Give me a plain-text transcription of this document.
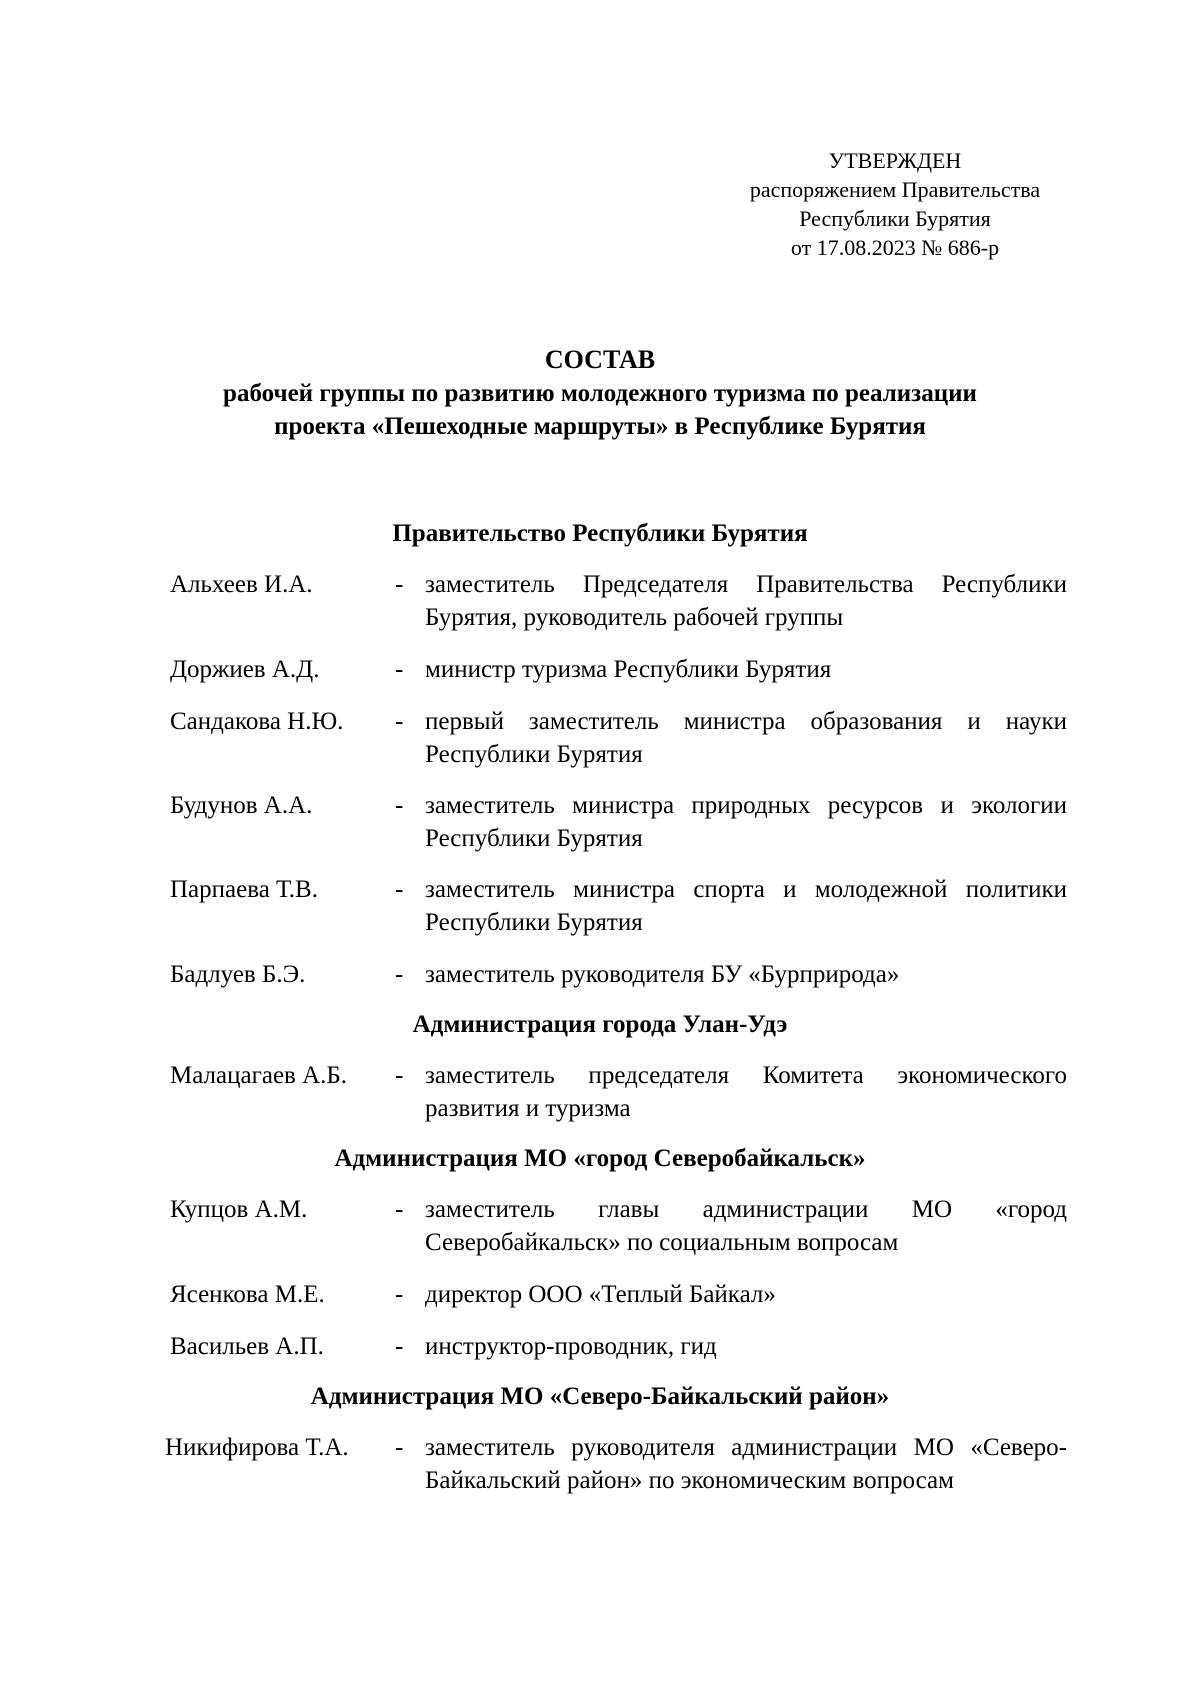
УТВЕРЖДЕН
распоряжением Правительства
Республики Бурятия
от 17.08.2023 № 686-р
СОСТАВ
рабочей группы по развитию молодежного туризма по реализации
проекта «Пешеходные маршруты» в Республике Бурятия
Правительство Республики Бурятия
Альхеев И.А.	- заместитель Председателя Правительства Республики Бурятия, руководитель рабочей группы
Доржиев А.Д.	- министр туризма Республики Бурятия
Сандакова Н.Ю. - первый заместитель министра образования и науки Республики Бурятия
Будунов А.А.	- заместитель министра природных ресурсов и экологии Республики Бурятия
Парпаева Т.В.	- заместитель министра спорта и молодежной политики Республики Бурятия
Бадлуев Б.Э.	- заместитель руководителя БУ «Бурприрода»
Администрация города Улан-Удэ
Малацагаев А.Б. - заместитель председателя Комитета экономического развития и туризма
Администрация МО «город Северобайкальск»
Купцов А.М.	- заместитель главы администрации МО «город Северобайкальск» по социальным вопросам
Ясенкова М.Е.	- директор ООО «Теплый Байкал»
Васильев А.П.	- инструктор-проводник, гид
Администрация МО «Северо-Байкальский район»
Никифирова Т.А. - заместитель руководителя администрации МО «Северо-Байкальский район» по экономическим вопросам
